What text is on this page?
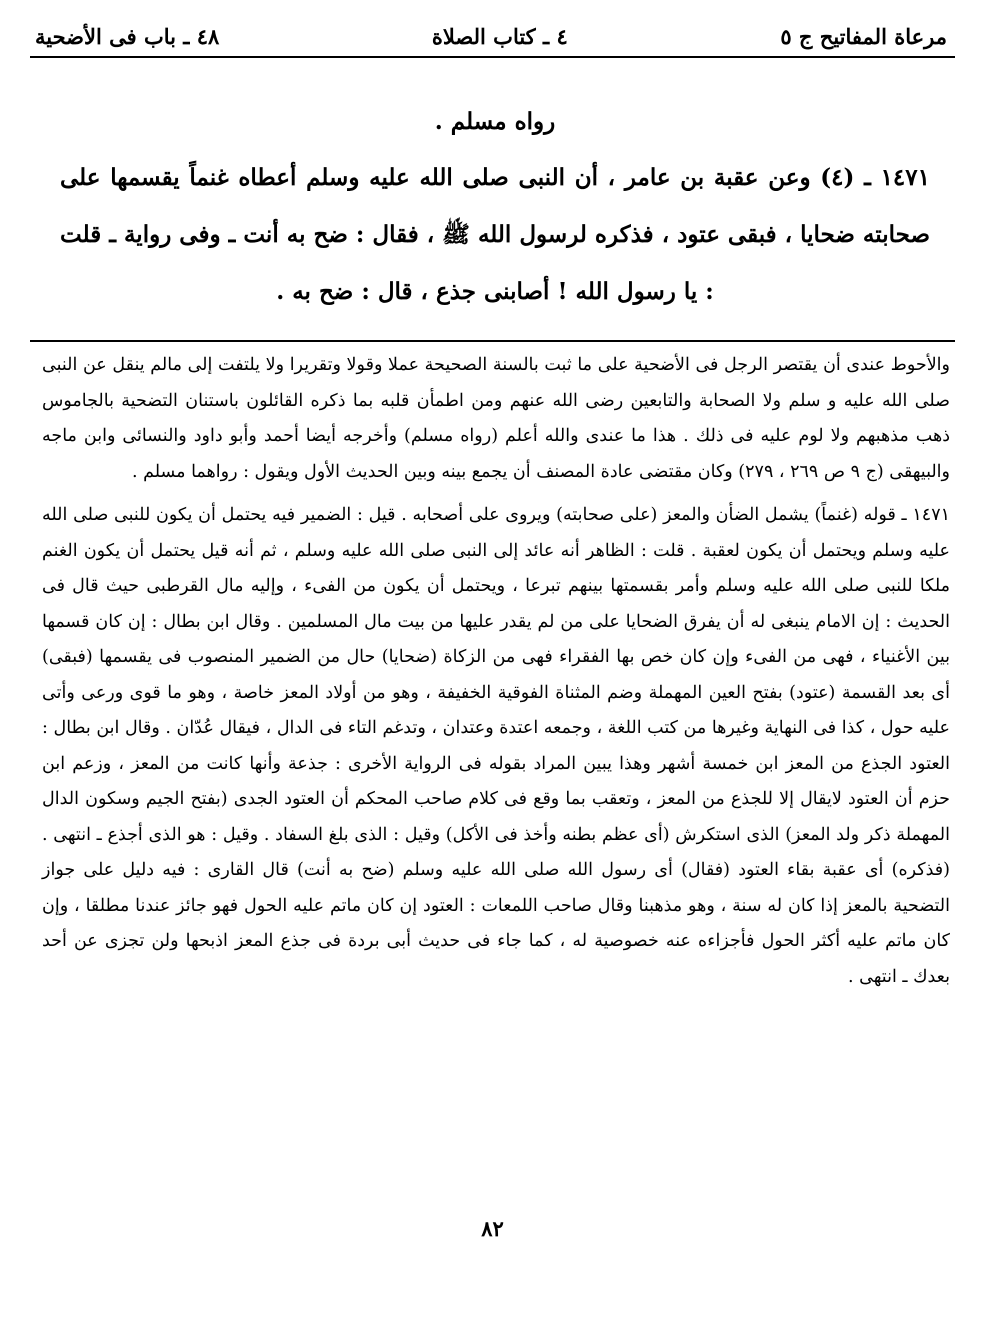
مرعاة المفاتيح ج ٥
٤ ـ كتاب الصلاة
٤٨ ـ باب فى الأضحية
رواه مسلم .
١٤٧١ ـ (٤) وعن عقبة بن عامر ، أن النبى صلى الله عليه وسلم أعطاه غنماً يقسمها على صحابته ضحايا ، فبقى عتود ، فذكره لرسول الله ﷺ ، فقال : ضح به أنت ـ وفى رواية ـ قلت : يا رسول الله ! أصابنى جذع ، قال : ضح به .

والأحوط عندى أن يقتصر الرجل فى الأضحية على ما ثبت بالسنة الصحيحة عملا وقولا وتقريرا ولا يلتفت إلى مالم ينقل عن النبى صلى الله عليه و سلم ولا الصحابة والتابعين رضى الله عنهم ومن اطمأن قلبه بما ذكره القائلون باستنان التضحية بالجاموس ذهب مذهبهم ولا لوم عليه فى ذلك . هذا ما عندى والله أعلم (رواه مسلم) وأخرجه أيضا أحمد وأبو داود والنسائى وابن ماجه والبيهقى (ج ٩ ص ٢٦٩ ، ٢٧٩) وكان مقتضى عادة المصنف أن يجمع بينه وبين الحديث الأول ويقول : رواهما مسلم .

١٤٧١ ـ قوله (غنماً) يشمل الضأن والمعز (على صحابته) ويروى على أصحابه . قيل : الضمير فيه يحتمل أن يكون للنبى صلى الله عليه وسلم ويحتمل أن يكون لعقبة . قلت : الظاهر أنه عائد إلى النبى صلى الله عليه وسلم ، ثم أنه قيل يحتمل أن يكون الغنم ملكا للنبى صلى الله عليه وسلم وأمر بقسمتها بينهم تبرعا ، ويحتمل أن يكون من الفىء ، وإليه مال القرطبى حيث قال فى الحديث : إن الامام ينبغى له أن يفرق الضحايا على من لم يقدر عليها من بيت مال المسلمين . وقال ابن بطال : إن كان قسمها بين الأغنياء ، فهى من الفىء وإن كان خص بها الفقراء فهى من الزكاة (ضحايا) حال من الضمير المنصوب فى يقسمها (فبقى) أى بعد القسمة (عتود) بفتح العين المهملة وضم المثناة الفوقية الخفيفة ، وهو من أولاد المعز خاصة ، وهو ما قوى ورعى وأتى عليه حول ، كذا فى النهاية وغيرها من كتب اللغة ، وجمعه اعتدة وعتدان ، وتدغم التاء فى الدال ، فيقال عُدّان . وقال ابن بطال : العتود الجذع من المعز ابن خمسة أشهر وهذا يبين المراد بقوله فى الرواية الأخرى : جذعة وأنها كانت من المعز ، وزعم ابن حزم أن العتود لايقال إلا للجذع من المعز ، وتعقب بما وقع فى كلام صاحب المحكم أن العتود الجدى (بفتح الجيم وسكون الدال المهملة ذكر ولد المعز) الذى استكرش (أى عظم بطنه وأخذ فى الأكل) وقيل : الذى بلغ السفاد . وقيل : هو الذى أجذع ـ انتهى . (فذكره) أى عقبة بقاء العتود (فقال) أى رسول الله صلى الله عليه وسلم (ضح به أنت) قال القارى : فيه دليل على جواز التضحية بالمعز إذا كان له سنة ، وهو مذهبنا وقال صاحب اللمعات : العتود إن كان ماتم عليه الحول فهو جائز عندنا مطلقا ، وإن كان ماتم عليه أكثر الحول فأجزاءه عنه خصوصية له ، كما جاء فى حديث أبى بردة فى جذع المعز اذبحها ولن تجزى عن أحد بعدك ـ انتهى .

٨٢
